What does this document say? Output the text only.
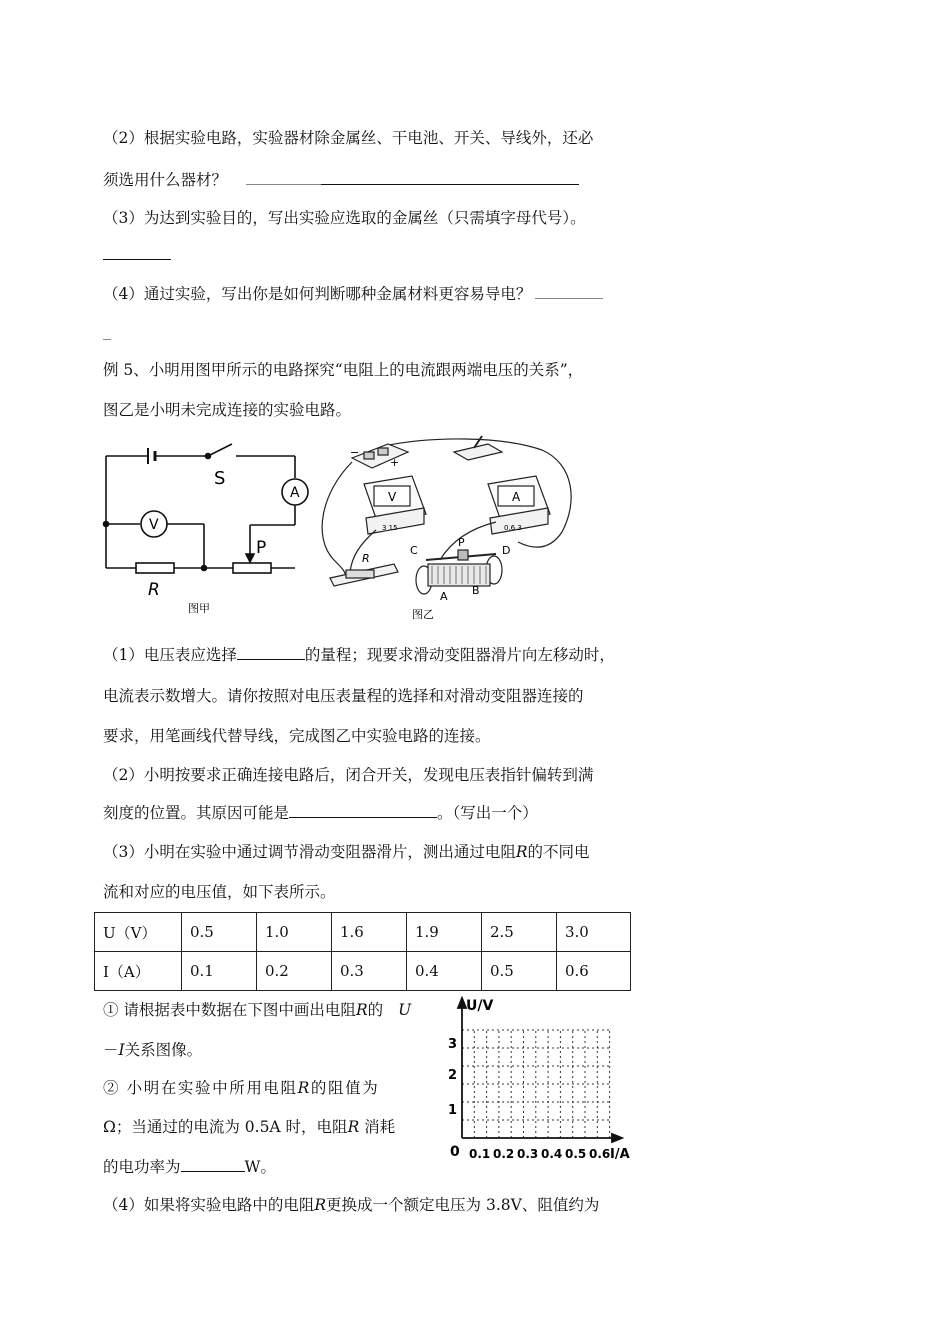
（2）根据实验电路，实验器材除金属丝、干电池、开关、导线外，还必
须选用什么器材？
（3）为达到实验目的，写出实验应选取的金属丝（只需填字母代号）。
（4）通过实验，写出你是如何判断哪种金属材料更容易导电？
例 5、小明用图甲所示的电路探究“电阻上的电流跟两端电压的关系”，
图乙是小明未完成连接的实验电路。
S
A
V
P
R
图甲
−
+
V	A
3 15	0.6 3
R
C
P
D
A B
图乙
（1）电压表应选择	的量程；现要求滑动变阻器滑片向左移动时，
电流表示数增大。请你按照对电压表量程的选择和对滑动变阻器连接的
要求，用笔画线代替导线，完成图乙中实验电路的连接。
（2）小明按要求正确连接电路后，闭合开关，发现电压表指针偏转到满
刻度的位置。其原因可能是	。（写出一个）
（3）小明在实验中通过调节滑动变阻器滑片，测出通过电阻R的不同电
流和对应的电压值，如下表所示。
U（V）	0.5	1.0	1.6	1.9	2.5	3.0
I（A）	0.1	0.2	0.3	0.4	0.5	0.6
① 请根据表中数据在下图中画出电阻R的 U
－I关系图像。
② 小明在实验中所用电阻R的阻值为
Ω；当通过的电流为 0.5A 时，电阻R 消耗
的电功率为	W。
U/V
0
1
2
3
0.1 0.2 0.3 0.4 0.5 0.6 I/A
（4）如果将实验电路中的电阻R更换成一个额定电压为 3.8V、阻值约为
